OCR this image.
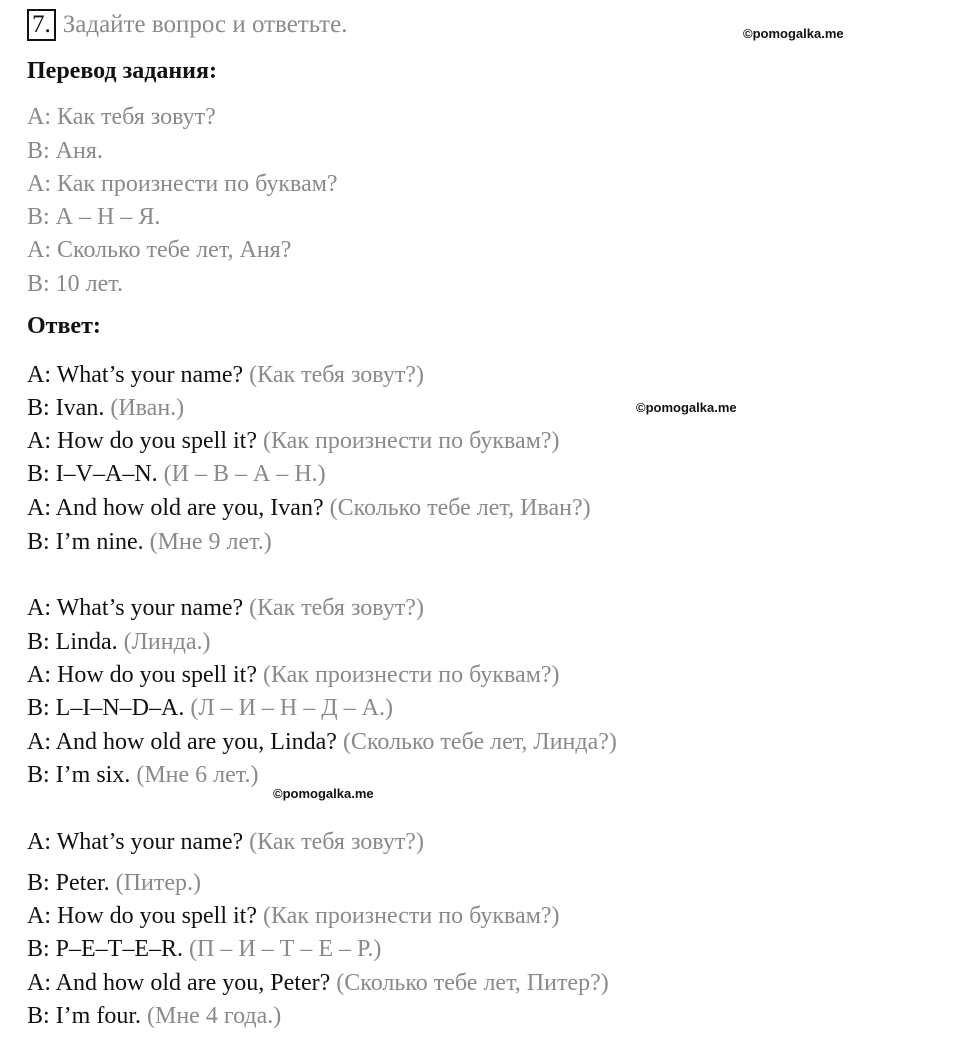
7. Задайте вопрос и ответьте.	©pomogalka.me
©pomogalka.me
©pomogalka.me
Перевод задания:
A: Как тебя зовут?
B: Аня.
A: Как произнести по буквам?
B: А – Н – Я.
A: Сколько тебе лет, Аня?
B: 10 лет.
Ответ:
A: What’s your name? (Как тебя зовут?)
B: Ivan. (Иван.)
A: How do you spell it? (Как произнести по буквам?)
B: I–V–A–N. (И – В – А – Н.)
A: And how old are you, Ivan? (Сколько тебе лет, Иван?)
B: I’m nine. (Мне 9 лет.)
A: What’s your name? (Как тебя зовут?)
B: Linda. (Линда.)
A: How do you spell it? (Как произнести по буквам?)
B: L–I–N–D–A. (Л – И – Н – Д – А.)
A: And how old are you, Linda? (Сколько тебе лет, Линда?)
B: I’m six. (Мне 6 лет.)
A: What’s your name? (Как тебя зовут?)
B: Peter. (Питер.)
A: How do you spell it? (Как произнести по буквам?)
B: P–E–T–E–R. (П – И – Т – Е – Р.)
A: And how old are you, Peter? (Сколько тебе лет, Питер?)
B: I’m four. (Мне 4 года.)
